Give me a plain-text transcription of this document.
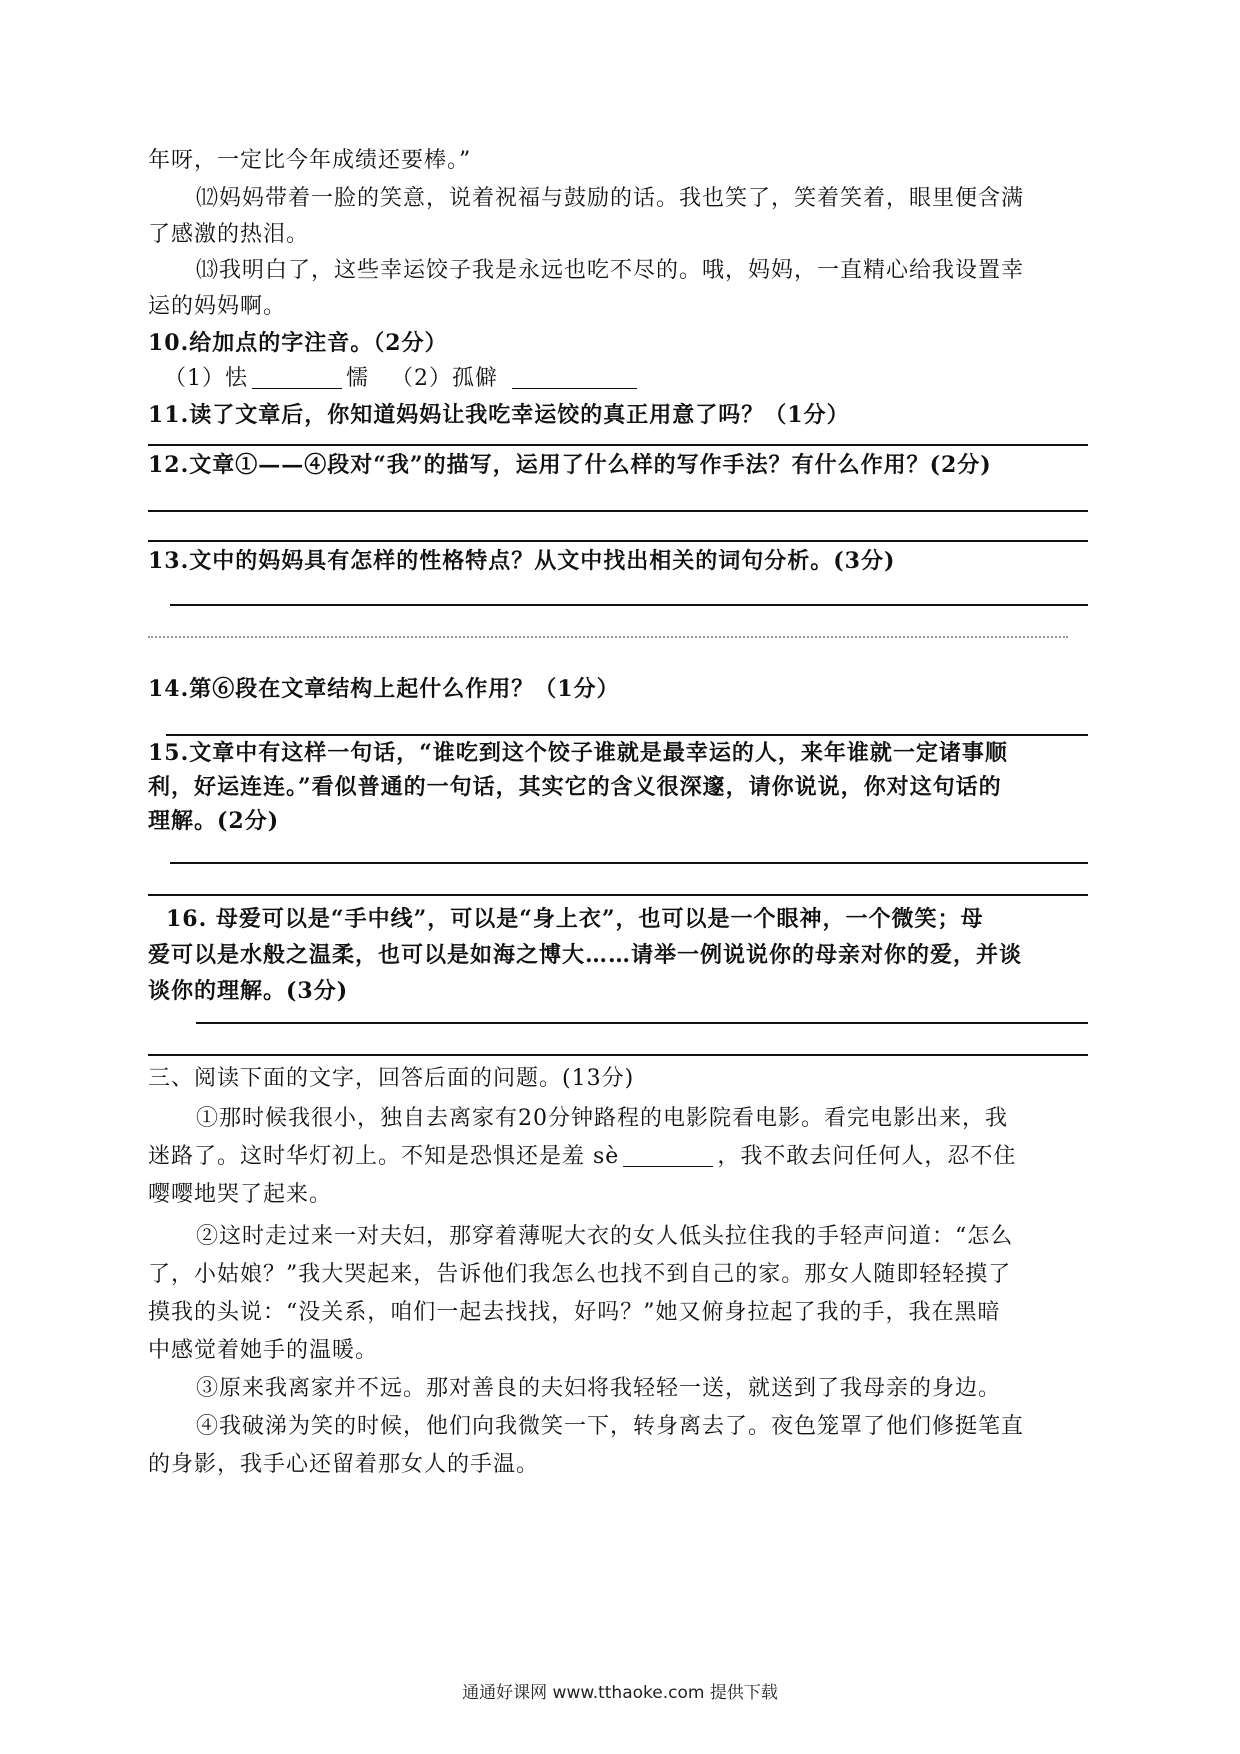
年呀，一定比今年成绩还要棒。”
⑿妈妈带着一脸的笑意，说着祝福与鼓励的话。我也笑了，笑着笑着，眼里便含满
了感激的热泪。
⒀我明白了，这些幸运饺子我是永远也吃不尽的。哦，妈妈，一直精心给我设置幸
运的妈妈啊。
10.给加点的字注音。（2分）
（1）怯	懦 （2）孤僻
11.读了文章后，你知道妈妈让我吃幸运饺的真正用意了吗？（1分）
12.文章①——④段对“我”的描写，运用了什么样的写作手法？有什么作用？(2分)
13.文中的妈妈具有怎样的性格特点？从文中找出相关的词句分析。(3分)
14.第⑥段在文章结构上起什么作用？（1分）
15.文章中有这样一句话，“谁吃到这个饺子谁就是最幸运的人，来年谁就一定诸事顺
利，好运连连。”看似普通的一句话，其实它的含义很深邃，请你说说，你对这句话的
理解。(2分)
16. 母爱可以是“手中线”，可以是“身上衣”，也可以是一个眼神，一个微笑；母
爱可以是水般之温柔，也可以是如海之博大……请举一例说说你的母亲对你的爱，并谈
谈你的理解。(3分)
三、阅读下面的文字，回答后面的问题。(13分)
①那时候我很小，独自去离家有20分钟路程的电影院看电影。看完电影出来，我
迷路了。这时华灯初上。不知是恐惧还是羞 sè	，我不敢去问任何人，忍不住
嘤嘤地哭了起来。
②这时走过来一对夫妇，那穿着薄呢大衣的女人低头拉住我的手轻声问道：“怎么
了，小姑娘？”我大哭起来，告诉他们我怎么也找不到自己的家。那女人随即轻轻摸了
摸我的头说：“没关系，咱们一起去找找，好吗？”她又俯身拉起了我的手，我在黑暗
中感觉着她手的温暖。
③原来我离家并不远。那对善良的夫妇将我轻轻一送，就送到了我母亲的身边。
④我破涕为笑的时候，他们向我微笑一下，转身离去了。夜色笼罩了他们修挺笔直
的身影，我手心还留着那女人的手温。
通通好课网 www.tthaoke.com 提供下载
